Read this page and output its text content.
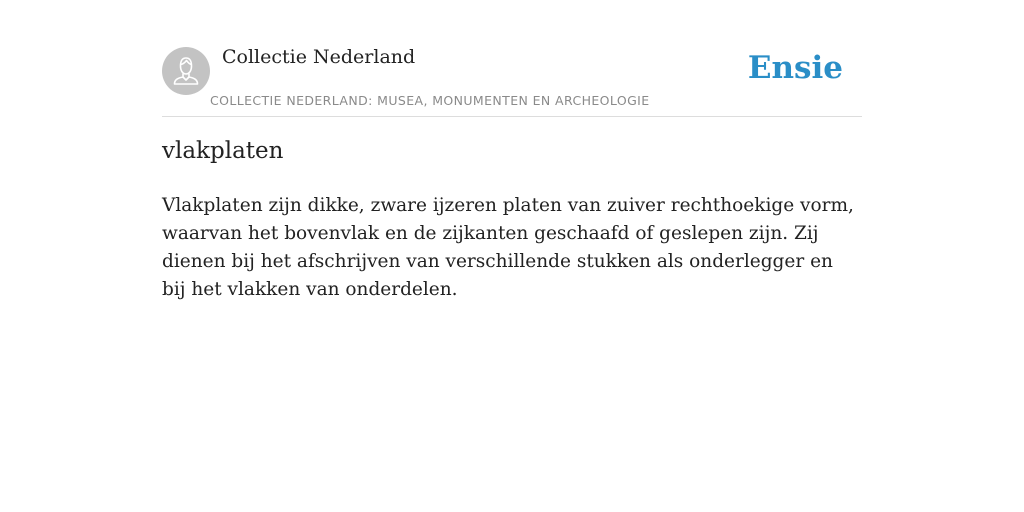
Collectie Nederland
COLLECTIE NEDERLAND: MUSEA, MONUMENTEN EN ARCHEOLOGIE
Ensie
vlakplaten

Vlakplaten zijn dikke, zware ijzeren platen van zuiver rechthoekige vorm, waarvan het bovenvlak en de zijkanten geschaafd of geslepen zijn. Zij dienen bij het afschrijven van verschillende stukken als onderlegger en bij het vlakken van onderdelen.
